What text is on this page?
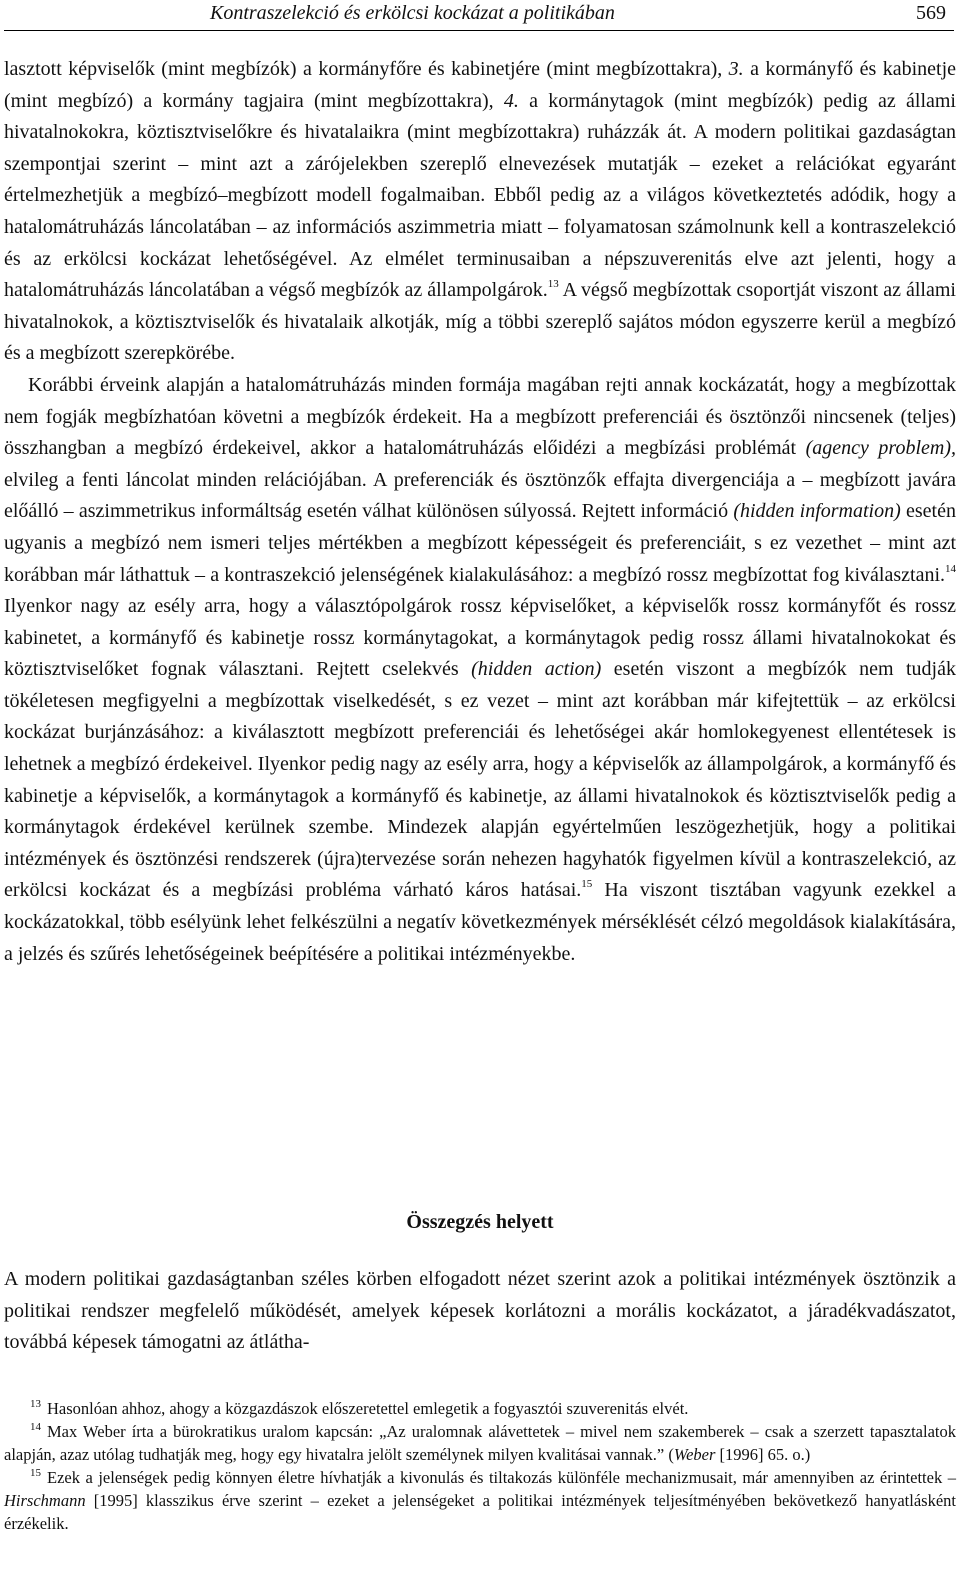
Kontraszelekció és erkölcsi kockázat a politikában	569

lasztott képviselők (mint megbízók) a kormányfőre és kabinetjére (mint megbízottakra), 3. a kormányfő és kabinetje (mint megbízó) a kormány tagjaira (mint megbízottakra), 4. a kormánytagok (mint megbízók) pedig az állami hivatalnokokra, köztisztviselőkre és hivatalaikra (mint megbízottakra) ruházzák át. A modern politikai gazdaságtan szempontjai szerint – mint azt a zárójelekben szereplő elnevezések mutatják – ezeket a relációkat egyaránt értelmezhetjük a megbízó–megbízott modell fogalmaiban. Ebből pedig az a világos következtetés adódik, hogy a hatalomátruházás láncolatában – az információs aszimmetria miatt – folyamatosan számolnunk kell a kontraszelekció és az erkölcsi kockázat lehetőségével. Az elmélet terminusaiban a népszuverenitás elve azt jelenti, hogy a hatalomátruházás láncolatában a végső megbízók az állampolgárok.$^{13}$ A végső megbízottak csoportját viszont az állami hivatalnokok, a köztisztviselők és hivatalaik alkotják, míg a többi szereplő sajátos módon egyszerre kerül a megbízó és a megbízott szerepkörébe.

Korábbi érveink alapján a hatalomátruházás minden formája magában rejti annak kockázatát, hogy a megbízottak nem fogják megbízhatóan követni a megbízók érdekeit. Ha a megbízott preferenciái és ösztönzői nincsenek (teljes) összhangban a megbízó érdekeivel, akkor a hatalomátruházás előidézi a megbízási problémát (agency problem), elvileg a fenti láncolat minden relációjában. A preferenciák és ösztönzők effajta divergenciája a – megbízott javára előálló – aszimmetrikus informáltság esetén válhat különösen súlyossá. Rejtett információ (hidden information) esetén ugyanis a megbízó nem ismeri teljes mértékben a megbízott képességeit és preferenciáit, s ez vezethet – mint azt korábban már láthattuk – a kontraszekció jelenségének kialakulásához: a megbízó rossz megbízottat fog kiválasztani.$^{14}$ Ilyenkor nagy az esély arra, hogy a választópolgárok rossz képviselőket, a képviselők rossz kormányfőt és rossz kabinetet, a kormányfő és kabinetje rossz kormánytagokat, a kormánytagok pedig rossz állami hivatalnokokat és köztisztviselőket fognak választani. Rejtett cselekvés (hidden action) esetén viszont a megbízók nem tudják tökéletesen megfigyelni a megbízottak viselkedését, s ez vezet – mint azt korábban már kifejtettük – az erkölcsi kockázat burjánzásához: a kiválasztott megbízott preferenciái és lehetőségei akár homlokegyenest ellentétesek is lehetnek a megbízó érdekeivel. Ilyenkor pedig nagy az esély arra, hogy a képviselők az állampolgárok, a kormányfő és kabinetje a képviselők, a kormánytagok a kormányfő és kabinetje, az állami hivatalnokok és köztisztviselők pedig a kormánytagok érdekével kerülnek szembe. Mindezek alapján egyértelműen leszögezhetjük, hogy a politikai intézmények és ösztönzési rendszerek (újra)tervezése során nehezen hagyhatók figyelmen kívül a kontraszelekció, az erkölcsi kockázat és a megbízási probléma várható káros hatásai.$^{15}$ Ha viszont tisztában vagyunk ezekkel a kockázatokkal, több esélyünk lehet felkészülni a negatív következmények mérséklését célzó megoldások kialakítására, a jelzés és szűrés lehetőségeinek beépítésére a politikai intézményekbe.

Összegzés helyett

A modern politikai gazdaságtanban széles körben elfogadott nézet szerint azok a politikai intézmények ösztönzik a politikai rendszer megfelelő működését, amelyek képesek korlátozni a morális kockázatot, a járadékvadászatot, továbbá képesek támogatni az átlátha-

$^{13}$ Hasonlóan ahhoz, ahogy a közgazdászok előszeretettel emlegetik a fogyasztói szuverenitás elvét.

$^{14}$ Max Weber írta a bürokratikus uralom kapcsán: „Az uralomnak alávettetek – mivel nem szakemberek – csak a szerzett tapasztalatok alapján, azaz utólag tudhatják meg, hogy egy hivatalra jelölt személynek milyen kvalitásai vannak.” (Weber [1996] 65. o.)

$^{15}$ Ezek a jelenségek pedig könnyen életre hívhatják a kivonulás és tiltakozás különféle mechanizmusait, már amennyiben az érintettek – Hirschmann [1995] klasszikus érve szerint – ezeket a jelenségeket a politikai intézmények teljesítményében bekövetkező hanyatlásként érzékelik.
